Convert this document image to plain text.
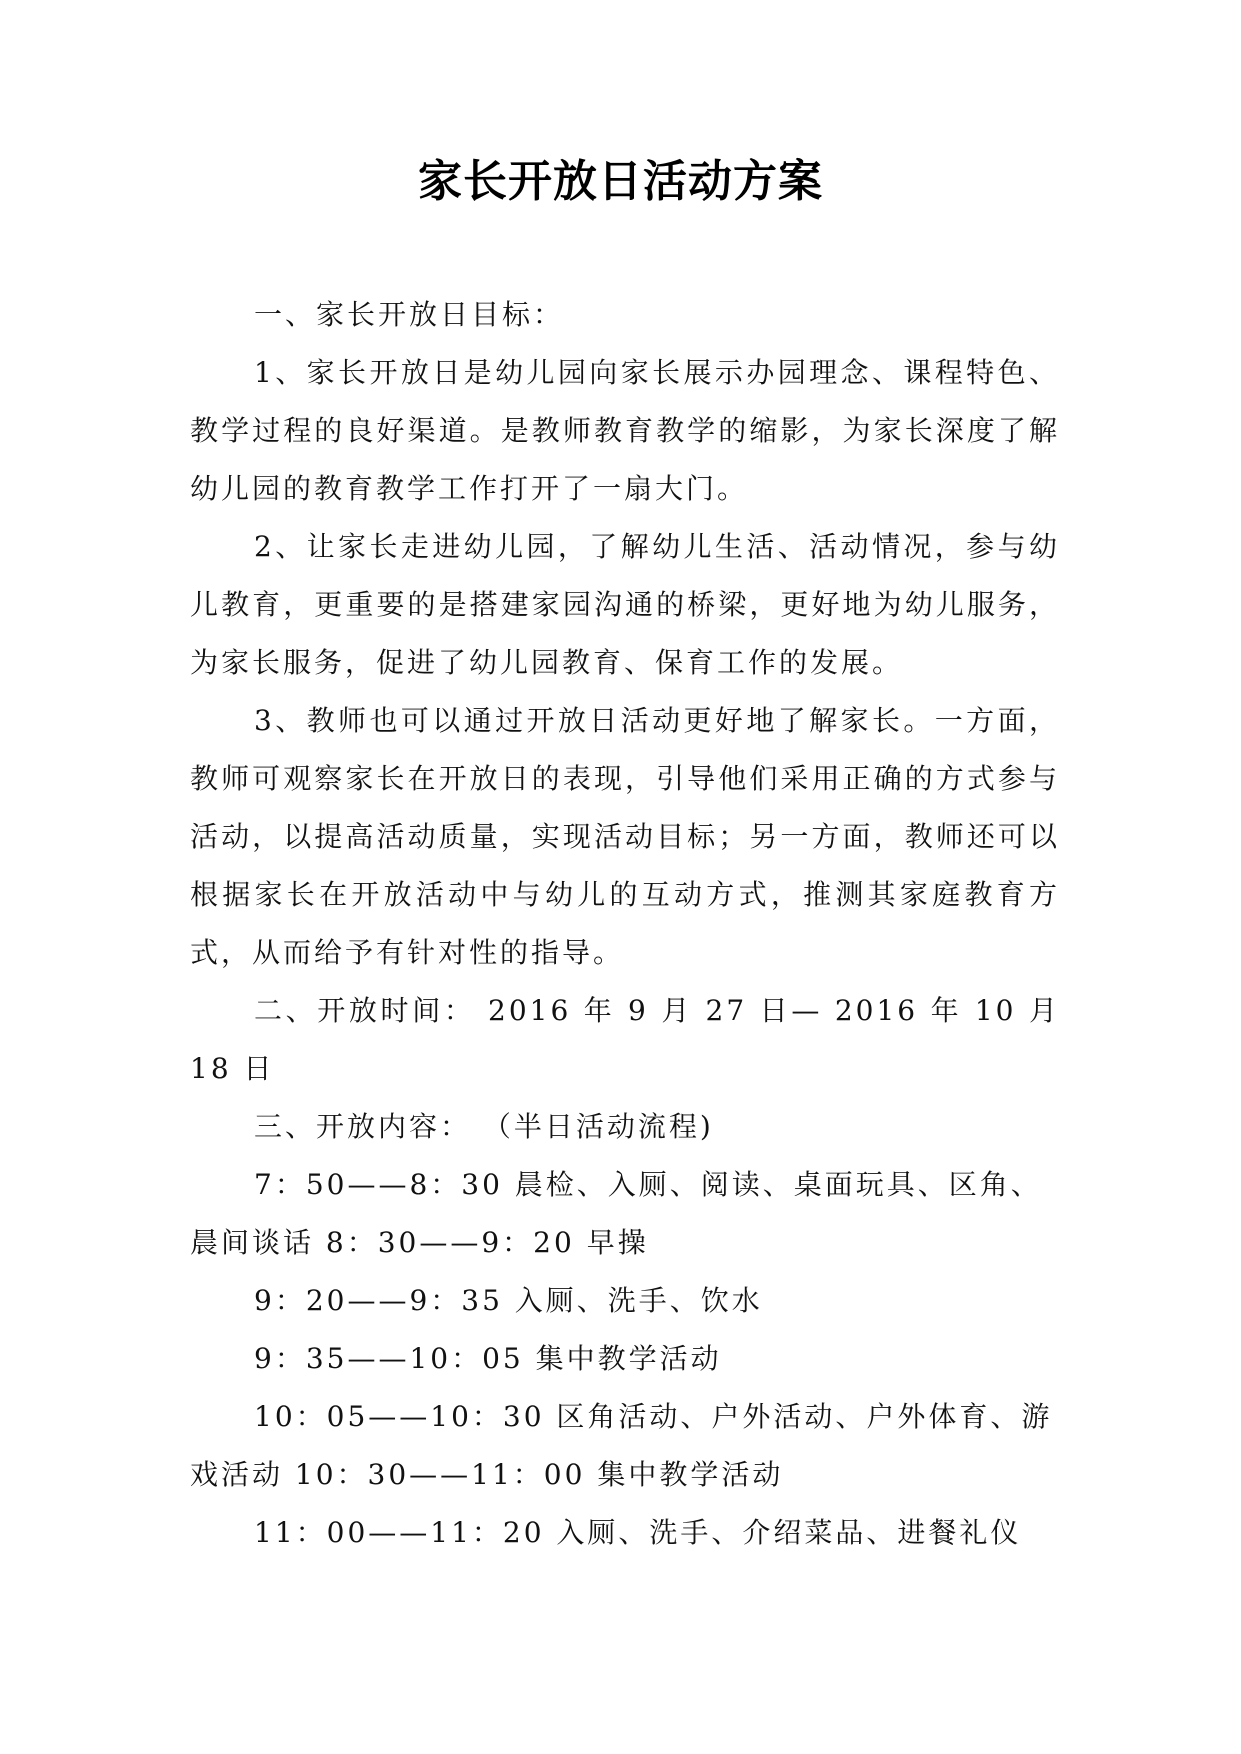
家长开放日活动方案

一、家长开放日目标：

1、家长开放日是幼儿园向家长展示办园理念、课程特色、教学过程的良好渠道。是教师教育教学的缩影，为家长深度了解幼儿园的教育教学工作打开了一扇大门。

2、让家长走进幼儿园，了解幼儿生活、活动情况，参与幼儿教育，更重要的是搭建家园沟通的桥梁，更好地为幼儿服务，为家长服务，促进了幼儿园教育、保育工作的发展。

3、教师也可以通过开放日活动更好地了解家长。一方面，教师可观察家长在开放日的表现，引导他们采用正确的方式参与活动，以提高活动质量，实现活动目标；另一方面，教师还可以根据家长在开放活动中与幼儿的互动方式，推测其家庭教育方式，从而给予有针对性的指导。

二、开放时间： 2016 年 9 月 27 日— 2016 年 10 月 18 日

三、开放内容： （半日活动流程)

7：50——8：30 晨检、入厕、阅读、桌面玩具、区角、晨间谈话 8：30——9：20 早操

9：20——9：35 入厕、洗手、饮水

9：35——10：05 集中教学活动

10：05——10：30 区角活动、户外活动、户外体育、游戏活动 10：30——11：00 集中教学活动

11：00——11：20 入厕、洗手、介绍菜品、进餐礼仪
